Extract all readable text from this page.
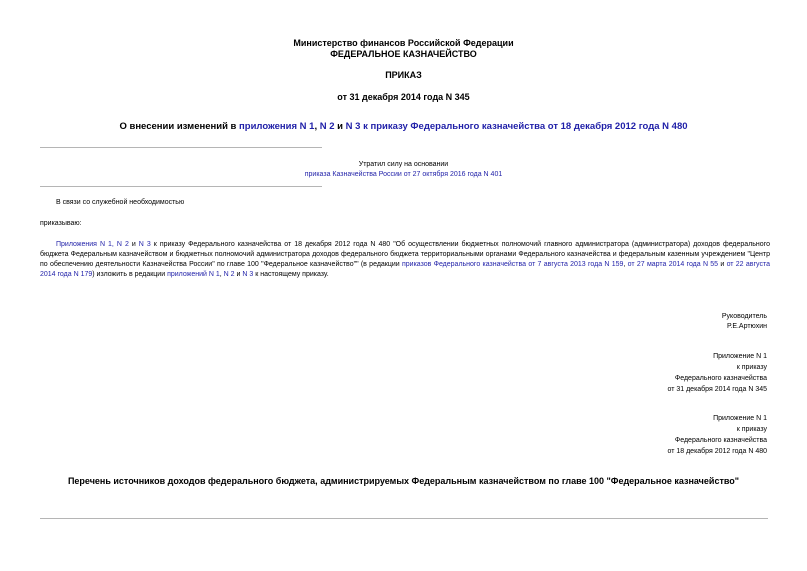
Министерство финансов Российской Федерации
ФЕДЕРАЛЬНОЕ КАЗНАЧЕЙСТВО
ПРИКАЗ
от 31 декабря 2014 года N 345
О внесении изменений в приложения N 1, N 2 и N 3 к приказу Федерального казначейства от 18 декабря 2012 года N 480
Утратил силу на основании
приказа Казначейства России от 27 октября 2016 года N 401
В связи со служебной необходимостью
приказываю:
Приложения N 1, N 2 и N 3 к приказу Федерального казначейства от 18 декабря 2012 года N 480 "Об осуществлении бюджетных полномочий главного администратора (администратора) доходов федерального бюджета Федеральным казначейством и бюджетных полномочий администратора доходов федерального бюджета территориальными органами Федерального казначейства и федеральным казенным учреждением "Центр по обеспечению деятельности Казначейства России" по главе 100 "Федеральное казначейство"" (в редакции приказов Федерального казначейства от 7 августа 2013 года N 159, от 27 марта 2014 года N 55 и от 22 августа 2014 года N 179) изложить в редакции приложений N 1, N 2 и N 3 к настоящему приказу.
Руководитель
Р.Е.Артюхин
Приложение N 1
к приказу
Федерального казначейства
от 31 декабря 2014 года N 345
Приложение N 1
к приказу
Федерального казначейства
от 18 декабря 2012 года N 480
Перечень источников доходов федерального бюджета, администрируемых Федеральным казначейством по главе 100 "Федеральное казначейство"
